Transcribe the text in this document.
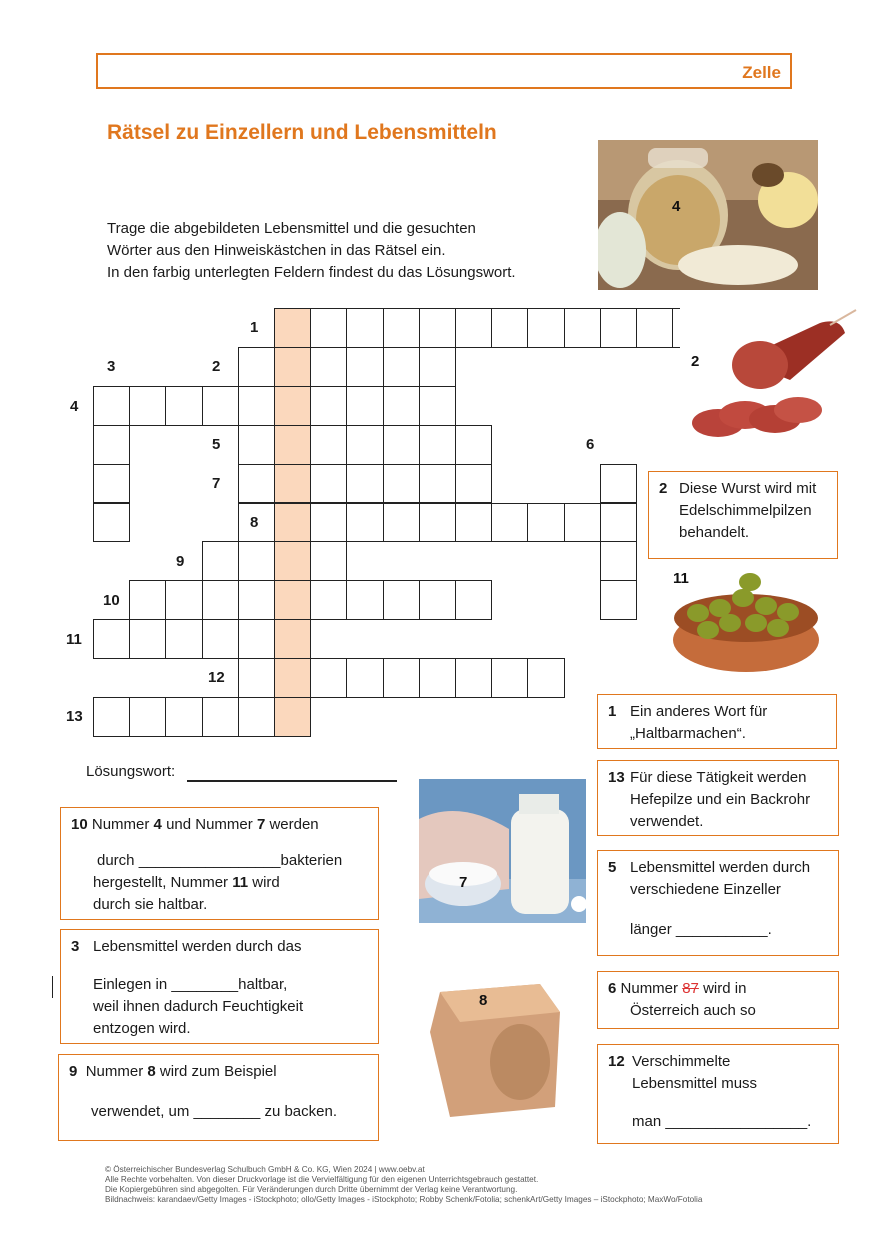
Zelle
Rätsel zu Einzellern und Lebensmitteln
Trage die abgebildeten Lebensmittel und die gesuchten
Wörter aus den Hinweiskästchen in das Rätsel ein.
In den farbig unterlegten Feldern findest du das Lösungswort.
1
2
3
4
5	6
7
8
9
10
11
12
13
Lösungswort:
4
2
11
7
8
2 Diese Wurst wird mit
Edelschimmelpilzen
behandelt.
1 Ein anderes Wort für
„Haltbarmachen“.
13 Für diese Tätigkeit werden
Hefepilze und ein Backrohr
verwendet.
5 Lebensmittel werden durch
verschiedene Einzeller
länger ___________.
6 Nummer 87 wird in
Österreich auch so
12 Verschimmelte
Lebensmittel muss
man _________________.
10 Nummer 4 und Nummer 7 werden
durch _________________bakterien
hergestellt, Nummer 11 wird
durch sie haltbar.
3 Lebensmittel werden durch das
Einlegen in ________haltbar,
weil ihnen dadurch Feuchtigkeit
entzogen wird.
9 Nummer 8 wird zum Beispiel
verwendet, um ________ zu backen.
© Österreichischer Bundesverlag Schulbuch GmbH & Co. KG, Wien 2024 | www.oebv.at
Alle Rechte vorbehalten. Von dieser Druckvorlage ist die Vervielfältigung für den eigenen Unterrichtsgebrauch gestattet.
Die Kopiergebühren sind abgegolten. Für Veränderungen durch Dritte übernimmt der Verlag keine Verantwortung.
Bildnachweis: karandaev/Getty Images - iStockphoto; ollo/Getty Images - iStockphoto; Robby Schenk/Fotolia; schenkArt/Getty Images – iStockphoto; MaxWo/Fotolia
